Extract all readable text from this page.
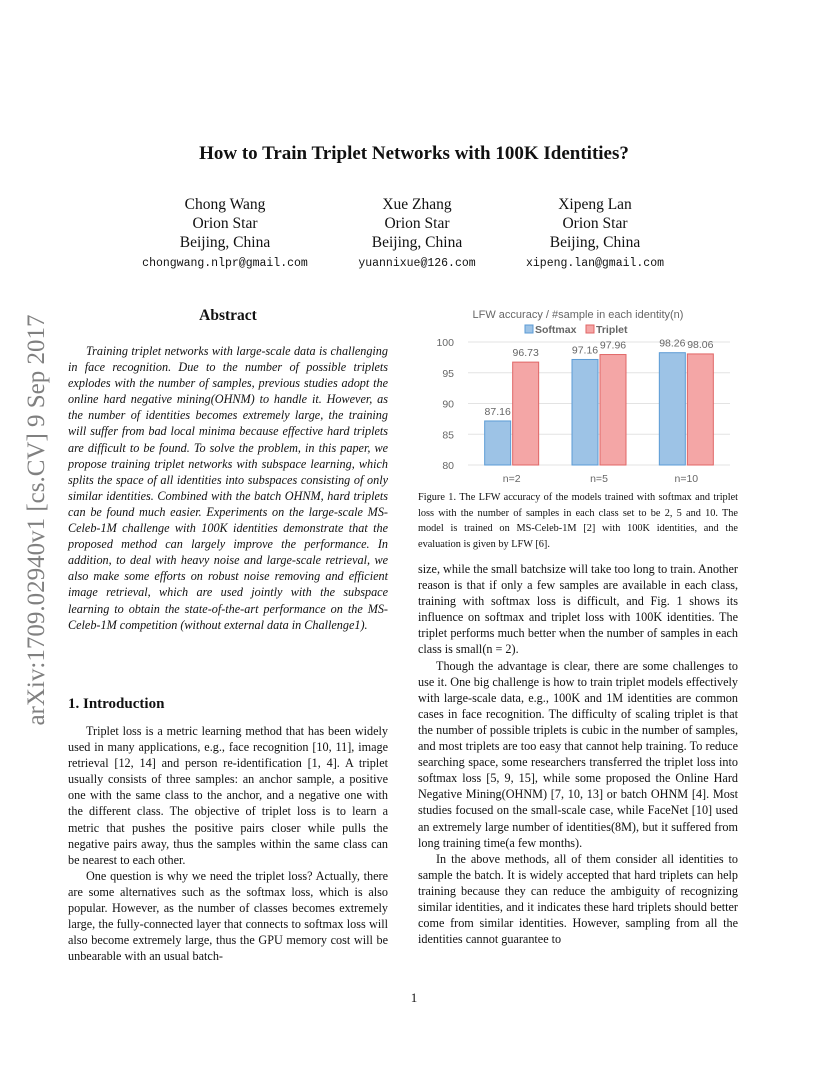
arXiv:1709.02940v1 [cs.CV] 9 Sep 2017
How to Train Triplet Networks with 100K Identities?
Chong Wang
Orion Star
Beijing, China
chongwang.nlpr@gmail.com
Xue Zhang
Orion Star
Beijing, China
yuannixue@126.com
Xipeng Lan
Orion Star
Beijing, China
xipeng.lan@gmail.com
Abstract

Training triplet networks with large-scale data is challenging in face recognition. Due to the number of possible triplets explodes with the number of samples, previous studies adopt the online hard negative mining(OHNM) to handle it. However, as the number of identities becomes extremely large, the training will suffer from bad local minima because effective hard triplets are difficult to be found. To solve the problem, in this paper, we propose training triplet networks with subspace learning, which splits the space of all identities into subspaces consisting of only similar identities. Combined with the batch OHNM, hard triplets can be found much easier. Experiments on the large-scale MS-Celeb-1M challenge with 100K identities demonstrate that the proposed method can largely improve the performance. In addition, to deal with heavy noise and large-scale retrieval, we also make some efforts on robust noise removing and efficient image retrieval, which are used jointly with the subspace learning to obtain the state-of-the-art performance on the MS-Celeb-1M competition (without external data in Challenge1).

1. Introduction

Triplet loss is a metric learning method that has been widely used in many applications, e.g., face recognition [10, 11], image retrieval [12, 14] and person re-identification [1, 4]. A triplet usually consists of three samples: an anchor sample, a positive one with the same class to the anchor, and a negative one with the different class. The objective of triplet loss is to learn a metric that pushes the positive pairs closer while pulls the negative pairs away, thus the samples within the same class can be nearest to each other.

One question is why we need the triplet loss? Actually, there are some alternatives such as the softmax loss, which is also popular. However, as the number of classes becomes extremely large, the fully-connected layer that connects to softmax loss will also become extremely large, thus the GPU memory cost will be unbearable with an usual batch-

LFW accuracy / #sample in each identity(n)
Softmax Triplet
100
95
90
85
80
87.16
96.73
n=2
97.16 97.96
n=5
98.26 98.06
n=10

Figure 1. The LFW accuracy of the models trained with softmax and triplet loss with the number of samples in each class set to be 2, 5 and 10. The model is trained on MS-Celeb-1M [2] with 100K identities, and the evaluation is given by LFW [6].

size, while the small batchsize will take too long to train. Another reason is that if only a few samples are available in each class, training with softmax loss is difficult, and Fig. 1 shows its influence on softmax and triplet loss with 100K identities. The triplet performs much better when the number of samples in each class is small(n = 2).

Though the advantage is clear, there are some challenges to use it. One big challenge is how to train triplet models effectively with large-scale data, e.g., 100K and 1M identities are common cases in face recognition. The difficulty of scaling triplet is that the number of possible triplets is cubic in the number of samples, and most triplets are too easy that cannot help training. To reduce searching space, some researchers transferred the triplet loss into softmax loss [5, 9, 15], while some proposed the Online Hard Negative Mining(OHNM) [7, 10, 13] or batch OHNM [4]. Most studies focused on the small-scale case, while FaceNet [10] used an extremely large number of identities(8M), but it suffered from long training time(a few months).

In the above methods, all of them consider all identities to sample the batch. It is widely accepted that hard triplets can help training because they can reduce the ambiguity of recognizing similar identities, and it indicates these hard triplets should better come from similar identities. However, sampling from all the identities cannot guarantee to

1
